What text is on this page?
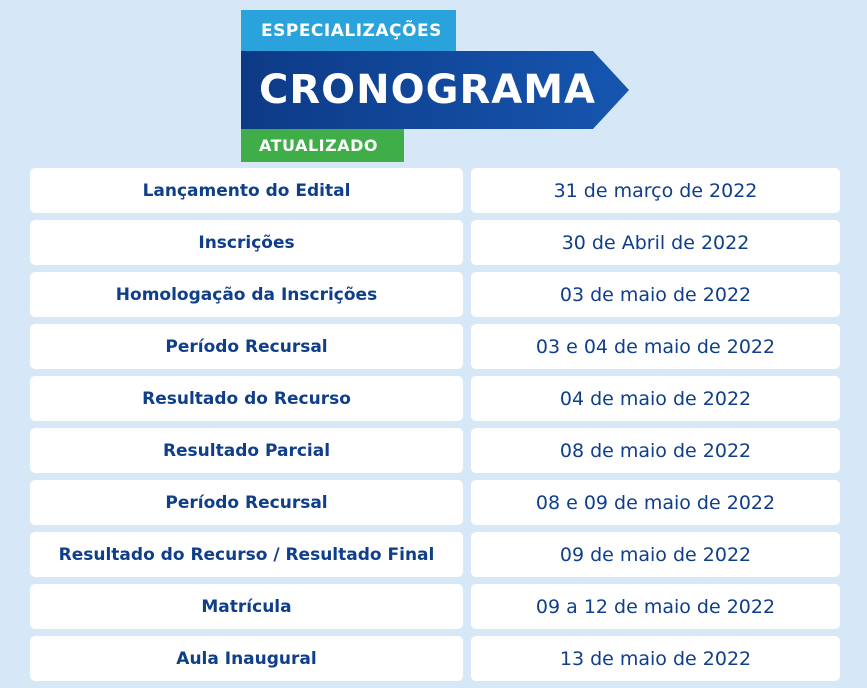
ESPECIALIZAÇÕES
CRONOGRAMA
ATUALIZADO
Lançamento do Edital	31 de março de 2022
Inscrições	30 de Abril de 2022
Homologação da Inscrições	03 de maio de 2022
Período Recursal	03 e 04 de maio de 2022
Resultado do Recurso	04 de maio de 2022
Resultado Parcial	08 de maio de 2022
Período Recursal	08 e 09 de maio de 2022
Resultado do Recurso / Resultado Final	09 de maio de 2022
Matrícula	09 a 12 de maio de 2022
Aula Inaugural	13 de maio de 2022
